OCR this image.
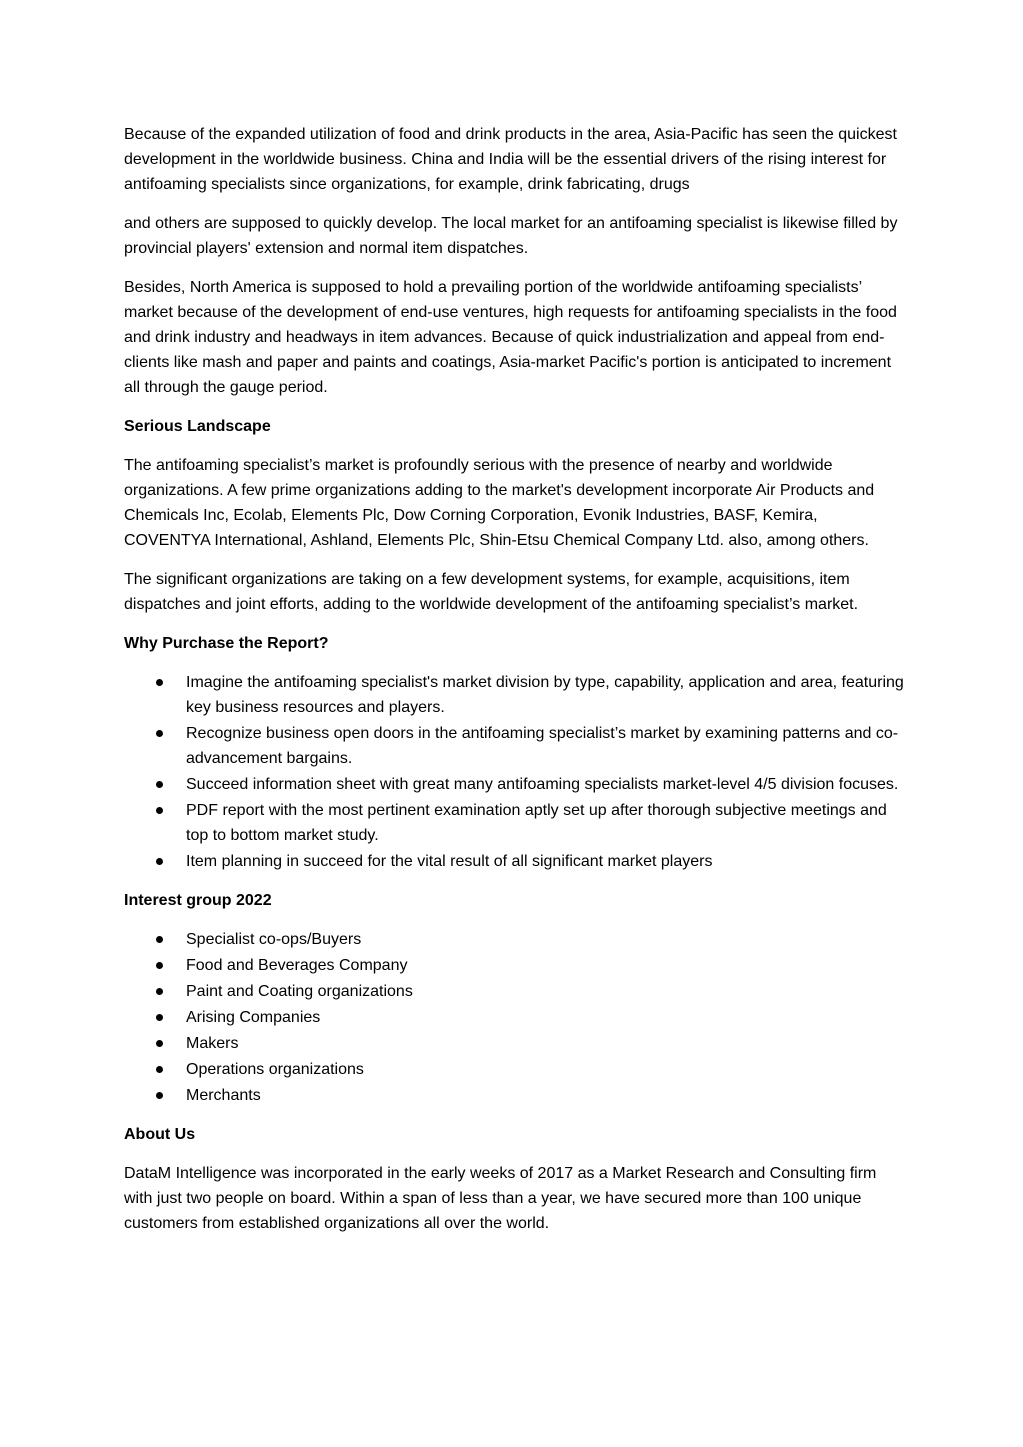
Because of the expanded utilization of food and drink products in the area, Asia-Pacific has seen the quickest development in the worldwide business. China and India will be the essential drivers of the rising interest for antifoaming specialists since organizations, for example, drink fabricating, drugs

and others are supposed to quickly develop. The local market for an antifoaming specialist is likewise filled by provincial players' extension and normal item dispatches.

Besides, North America is supposed to hold a prevailing portion of the worldwide antifoaming specialists’ market because of the development of end-use ventures, high requests for antifoaming specialists in the food and drink industry and headways in item advances. Because of quick industrialization and appeal from end-clients like mash and paper and paints and coatings, Asia-market Pacific's portion is anticipated to increment all through the gauge period.

Serious Landscape

The antifoaming specialist’s market is profoundly serious with the presence of nearby and worldwide organizations. A few prime organizations adding to the market's development incorporate Air Products and Chemicals Inc, Ecolab, Elements Plc, Dow Corning Corporation, Evonik Industries, BASF, Kemira, COVENTYA International, Ashland, Elements Plc, Shin-Etsu Chemical Company Ltd. also, among others.

The significant organizations are taking on a few development systems, for example, acquisitions, item dispatches and joint efforts, adding to the worldwide development of the antifoaming specialist’s market.

Why Purchase the Report?
Imagine the antifoaming specialist's market division by type, capability, application and area, featuring key business resources and players.
Recognize business open doors in the antifoaming specialist’s market by examining patterns and co-advancement bargains.
Succeed information sheet with great many antifoaming specialists market-level 4/5 division focuses.
PDF report with the most pertinent examination aptly set up after thorough subjective meetings and top to bottom market study.
Item planning in succeed for the vital result of all significant market players
Interest group 2022
Specialist co-ops/Buyers
Food and Beverages Company
Paint and Coating organizations
Arising Companies
Makers
Operations organizations
Merchants
About Us

DataM Intelligence was incorporated in the early weeks of 2017 as a Market Research and Consulting firm with just two people on board. Within a span of less than a year, we have secured more than 100 unique customers from established organizations all over the world.
